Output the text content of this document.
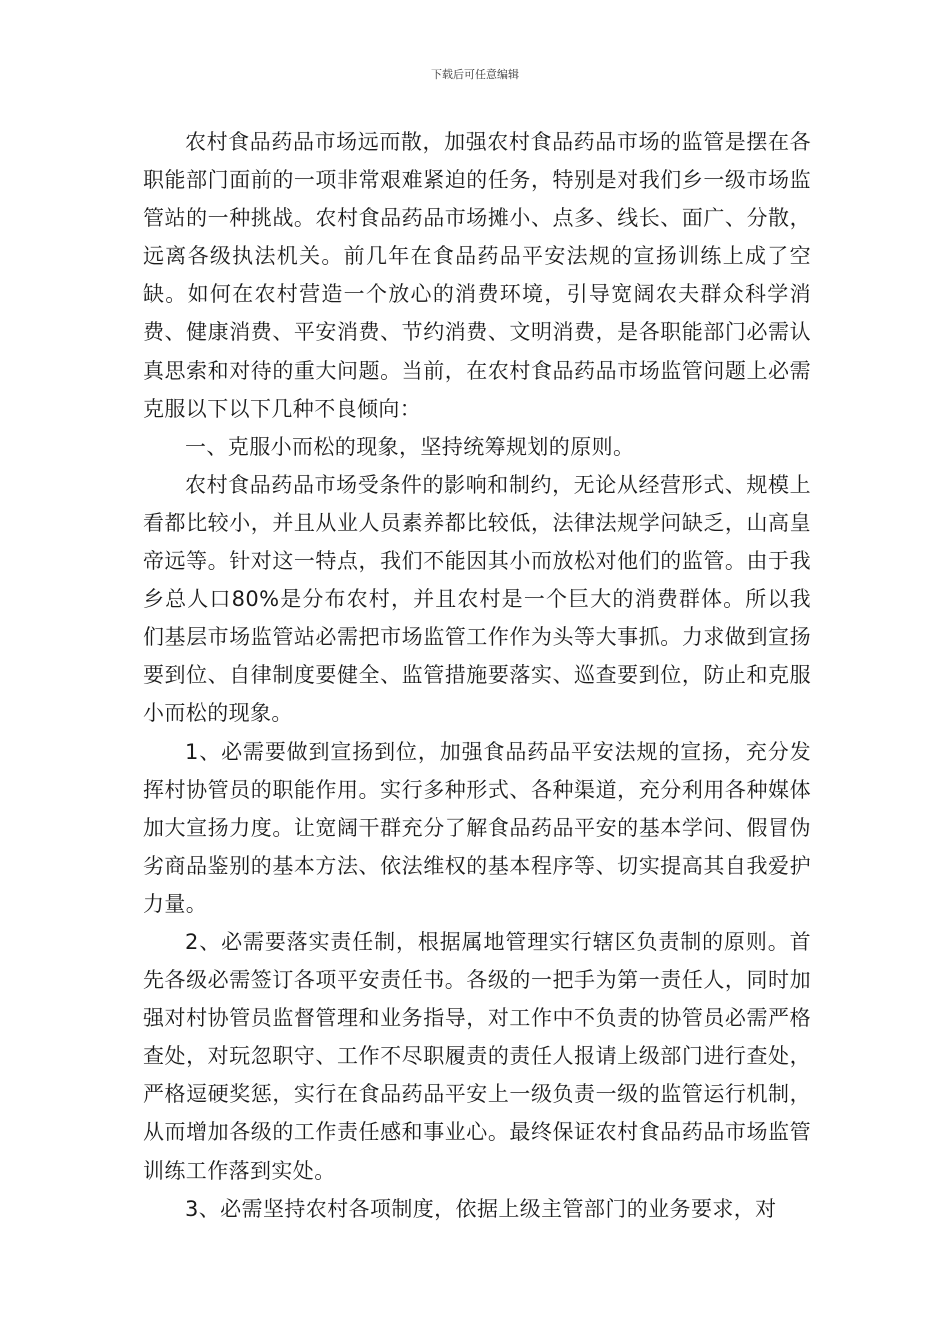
下载后可任意编辑

农村食品药品市场远而散，加强农村食品药品市场的监管是摆在各职能部门面前的一项非常艰难紧迫的任务，特别是对我们乡一级市场监管站的一种挑战。农村食品药品市场摊小、点多、线长、面广、分散，远离各级执法机关。前几年在食品药品平安法规的宣扬训练上成了空缺。如何在农村营造一个放心的消费环境，引导宽阔农夫群众科学消费、健康消费、平安消费、节约消费、文明消费，是各职能部门必需认真思索和对待的重大问题。当前，在农村食品药品市场监管问题上必需克服以下以下几种不良倾向：

一、克服小而松的现象，坚持统筹规划的原则。

农村食品药品市场受条件的影响和制约，无论从经营形式、规模上看都比较小，并且从业人员素养都比较低，法律法规学问缺乏，山高皇帝远等。针对这一特点，我们不能因其小而放松对他们的监管。由于我乡总人口80%是分布农村，并且农村是一个巨大的消费群体。所以我们基层市场监管站必需把市场监管工作作为头等大事抓。力求做到宣扬要到位、自律制度要健全、监管措施要落实、巡查要到位，防止和克服小而松的现象。

1、必需要做到宣扬到位，加强食品药品平安法规的宣扬，充分发挥村协管员的职能作用。实行多种形式、各种渠道，充分利用各种媒体加大宣扬力度。让宽阔干群充分了解食品药品平安的基本学问、假冒伪劣商品鉴别的基本方法、依法维权的基本程序等、切实提高其自我爱护力量。

2、必需要落实责任制，根据属地管理实行辖区负责制的原则。首先各级必需签订各项平安责任书。各级的一把手为第一责任人，同时加强对村协管员监督管理和业务指导，对工作中不负责的协管员必需严格查处，对玩忽职守、工作不尽职履责的责任人报请上级部门进行查处，严格逗硬奖惩，实行在食品药品平安上一级负责一级的监管运行机制，从而增加各级的工作责任感和事业心。最终保证农村食品药品市场监管训练工作落到实处。

3、必需坚持农村各项制度，依据上级主管部门的业务要求，对
